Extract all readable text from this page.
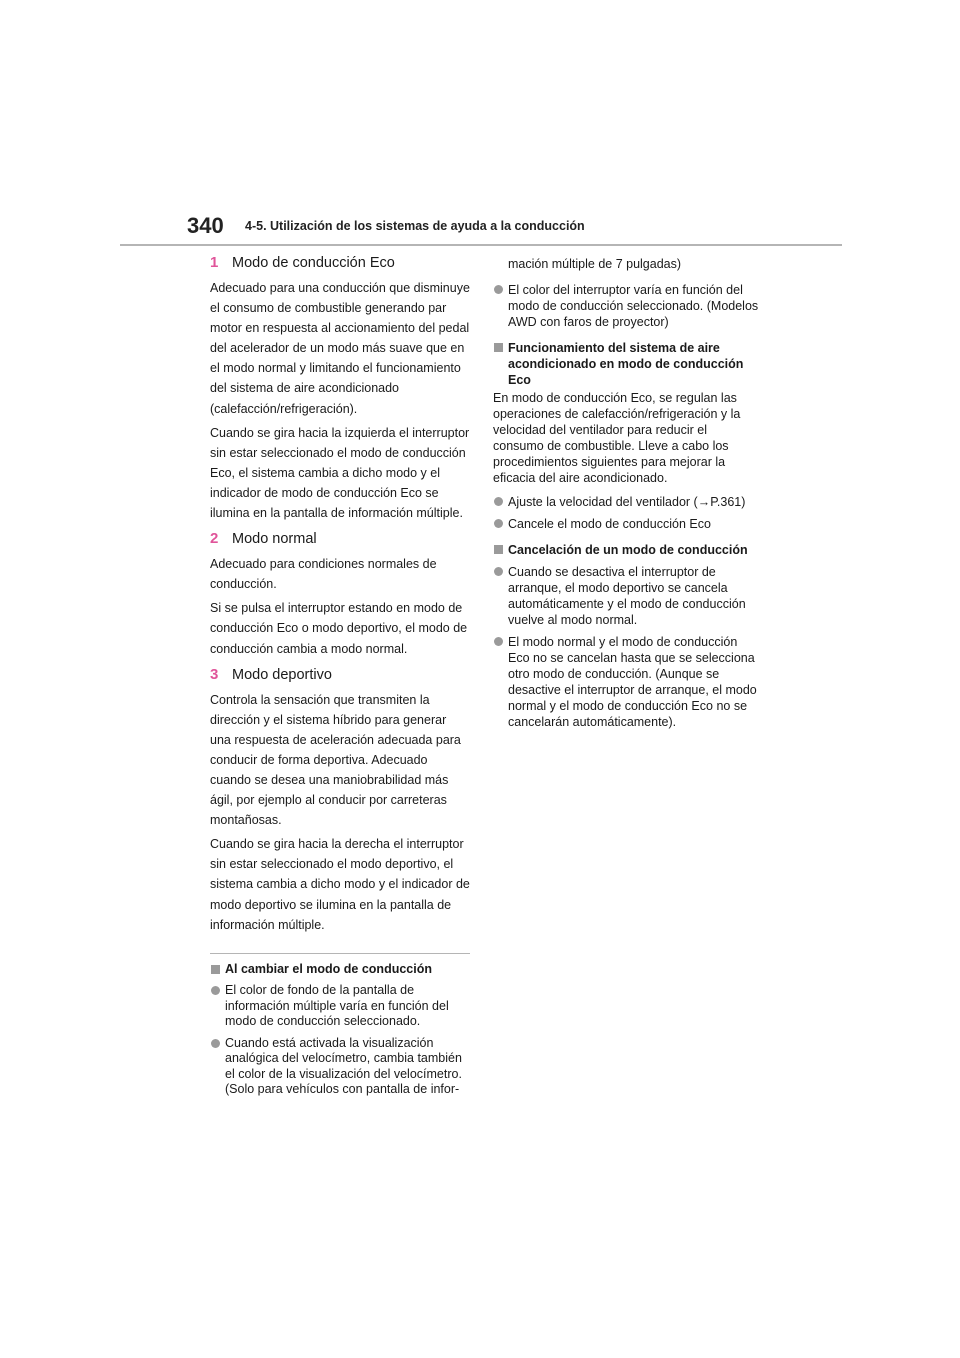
340 4-5. Utilización de los sistemas de ayuda a la conducción
1 Modo de conducción Eco

Adecuado para una conducción que disminuye el consumo de combustible generando par motor en respuesta al accionamiento del pedal del acelerador de un modo más suave que en el modo normal y limitando el funcionamiento del sistema de aire acondicionado (calefacción/refrigeración).

Cuando se gira hacia la izquierda el interruptor sin estar seleccionado el modo de conducción Eco, el sistema cambia a dicho modo y el indicador de modo de conducción Eco se ilumina en la pantalla de información múltiple.

2 Modo normal

Adecuado para condiciones normales de conducción.

Si se pulsa el interruptor estando en modo de conducción Eco o modo deportivo, el modo de conducción cambia a modo normal.

3 Modo deportivo

Controla la sensación que transmiten la dirección y el sistema híbrido para generar una respuesta de aceleración adecuada para conducir de forma deportiva. Adecuado cuando se desea una maniobrabilidad más ágil, por ejemplo al conducir por carreteras montañosas.

Cuando se gira hacia la derecha el interruptor sin estar seleccionado el modo deportivo, el sistema cambia a dicho modo y el indicador de modo deportivo se ilumina en la pantalla de información múltiple.

Al cambiar el modo de conducción
El color de fondo de la pantalla de información múltiple varía en función del modo de conducción seleccionado.
Cuando está activada la visualización analógica del velocímetro, cambia también el color de la visualización del velocímetro. (Solo para vehículos con pantalla de infor-

mación múltiple de 7 pulgadas)

El color del interruptor varía en función del modo de conducción seleccionado. (Modelos AWD con faros de proyector)
Funcionamiento del sistema de aire acondicionado en modo de conducción Eco

En modo de conducción Eco, se regulan las operaciones de calefacción/refrigeración y la velocidad del ventilador para reducir el consumo de combustible. Lleve a cabo los procedimientos siguientes para mejorar la eficacia del aire acondicionado.

Ajuste la velocidad del ventilador (→P.361)
Cancele el modo de conducción Eco
Cancelación de un modo de conducción
Cuando se desactiva el interruptor de arranque, el modo deportivo se cancela automáticamente y el modo de conducción vuelve al modo normal.
El modo normal y el modo de conducción Eco no se cancelan hasta que se selecciona otro modo de conducción. (Aunque se desactive el interruptor de arranque, el modo normal y el modo de conducción Eco no se cancelarán automáticamente).
